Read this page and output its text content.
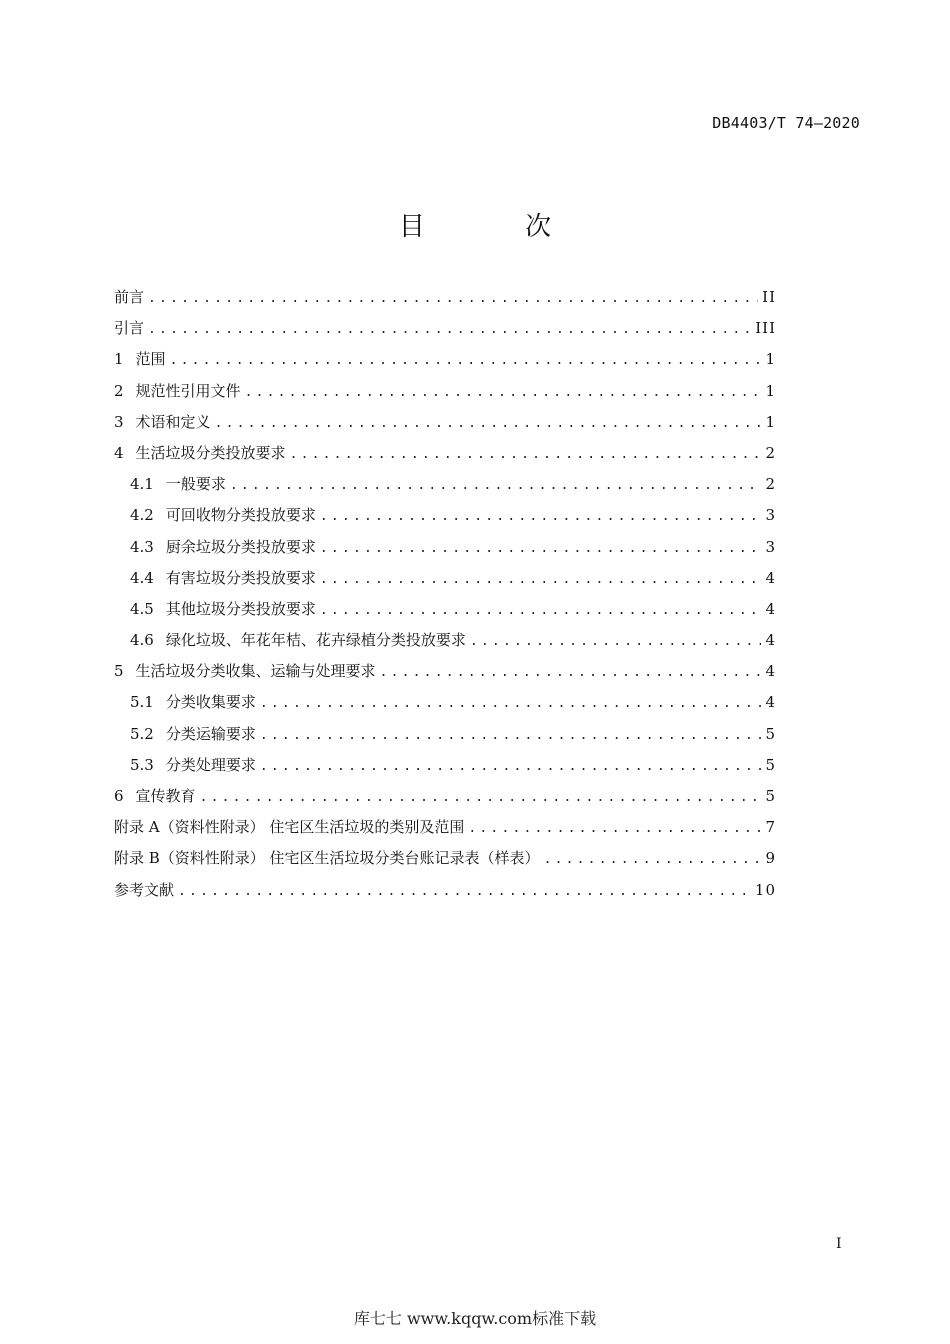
DB4403/T 74—2020
目 次
前言 .....	II
引言 .....	III
1 范围 .....	1
2 规范性引用文件 .....	1
3 术语和定义 .....	1
4 生活垃圾分类投放要求 .....	2
4.1 一般要求 .....	2
4.2 可回收物分类投放要求 .....	3
4.3 厨余垃圾分类投放要求 .....	3
4.4 有害垃圾分类投放要求 .....	4
4.5 其他垃圾分类投放要求 .....	4
4.6 绿化垃圾、年花年桔、花卉绿植分类投放要求 .....	4
5 生活垃圾分类收集、运输与处理要求 .....	4
5.1 分类收集要求 .....	4
5.2 分类运输要求 .....	5
5.3 分类处理要求 .....	5
6 宣传教育 .....	5
附录 A（资料性附录） 住宅区生活垃圾的类别及范围 .....	7
附录 B（资料性附录） 住宅区生活垃圾分类台账记录表（样表） .....	9
参考文献 .....	10
I
库七七 www.kqqw.com标准下载
